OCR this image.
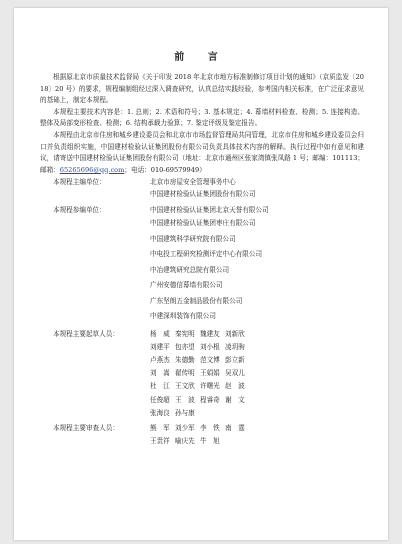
前 言

根据原北京市质量技术监督局《关于印发 2018 年北京市地方标准制修订项目计划的通知》（京质监发〔2018〕20 号）的要求，规程编制组经过深入调查研究，认真总结实践经验，参考国内相关标准，在广泛征求意见的基础上，制定本规程。

本规程主要技术内容是：1. 总则；2. 术语和符号；3. 基本规定；4. 幕墙材料检查、检测；5. 连接构造、整体及局部变形检查、检测；6. 结构承载力验算；7. 鉴定评级及鉴定报告。

本规程由北京市住房和城乡建设委员会和北京市市场监督管理局共同管理，北京市住房和城乡建设委员会归口并负责组织实施，中国建材检验认证集团股份有限公司负责具体技术内容的解释。执行过程中如有意见和建议，请寄送中国建材检验认证集团股份有限公司（地址：北京市通州区张家湾镇张凤路 1 号；邮编：101113；邮箱：65265696@qq.com；电话：010-69579949）

本规程主编单位：	北京市房屋安全管理事务中心
中国建材检验认证集团股份有限公司
本规程参编单位：	中国建材检验认证集团北京天誉有限公司
中国建材检验认证集团枣庄有限公司
中国建筑科学研究院有限公司
中电投工程研究检测评定中心有限公司
中冶建筑研究总院有限公司
广州安德信幕墙有限公司
广东坚朗五金制品股份有限公司
中建深圳装饰有限公司
本规程主要起草人员：	杨　威 秦宪明 魏建友 刘新欣
刘建平 包亦望 刘小根 凌玥驹
卢燕杰 朱德勤 范文博 彭立新
刘　嵩 翟传明 王娟娟 吴双儿
杜　江 王文欣 许曙光 赵　波
任俊超 王　波 程睿奇 谢　文
张海良 孙与康
本规程主要审查人员：	熊　军 刘少军 李　铁 南　霆
王贵祥 喻庆先 牛　旭
